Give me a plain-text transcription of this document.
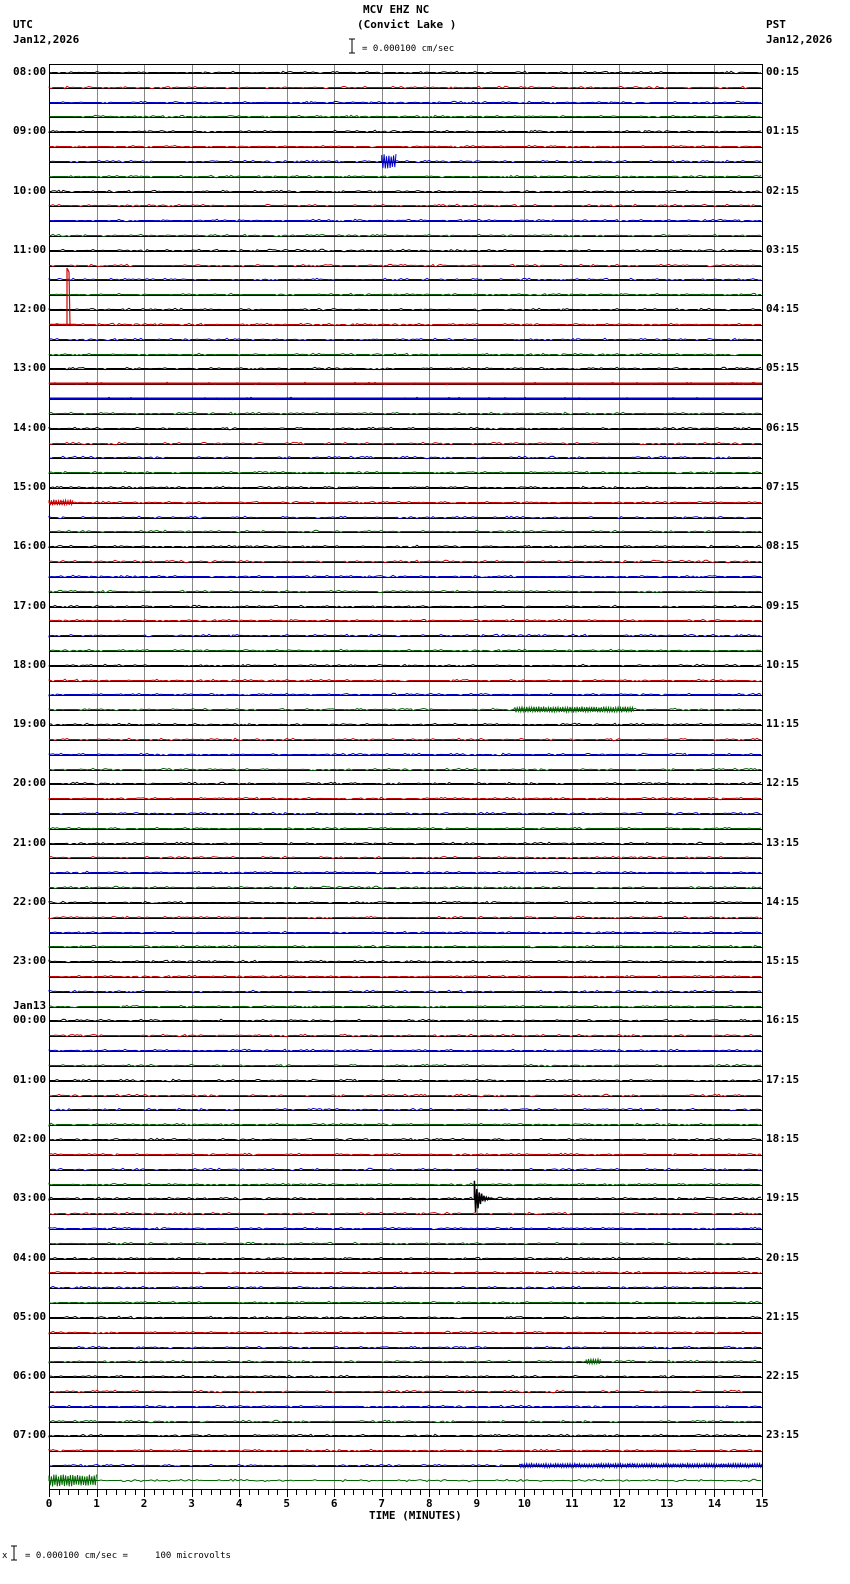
MCV EHZ NC
(Convict Lake )
UTC
Jan12,2026
PST
Jan12,2026
= 0.000100 cm/sec
08:00
09:00
10:00
11:00
12:00
13:00
14:00
15:00
16:00
17:00
18:00
19:00
20:00
21:00
22:00
23:00
Jan13
00:00
01:00
02:00
03:00
04:00
05:00
06:00
07:00
00:15
01:15
02:15
03:15
04:15
05:15
06:15
07:15
08:15
09:15
10:15
11:15
12:15
13:15
14:15
15:15
16:15
17:15
18:15
19:15
20:15
21:15
22:15
23:15
0	1	2	3	4	5	6	7	8	9	10	11	12	13	14	15
TIME (MINUTES)
x = 0.000100 cm/sec =     100 microvolts
